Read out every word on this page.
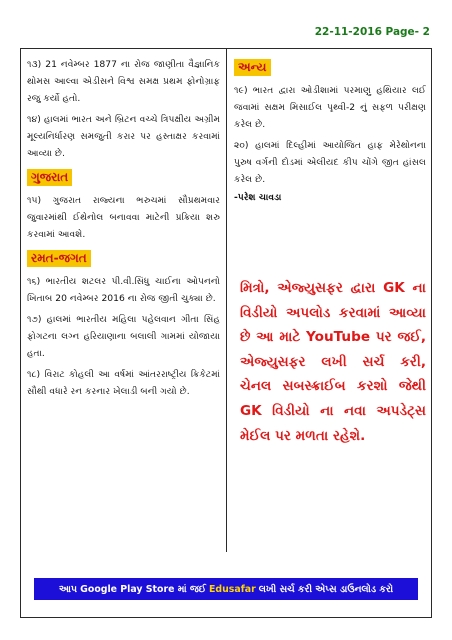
22-11-2016 Page- 2

૧૩) 21 નવેમ્બર 1877 ના રોજ જાણીતા વૈજ્ઞાનિક થોમસ આલ્વા એડીસને વિશ્વ સમક્ષ પ્રથમ ફોનોગ્રાફ રજુ કર્યો હતો.

૧૪) હાલમાં ભારત અને બ્રિટન વચ્ચે ત્રિપક્ષીય અગ્રીમ મૂલ્યનિર્ધારણ સમજુતી કરાર પર હસ્તાક્ષર કરવામાં આવ્યા છે.

ગુજરાત

૧૫) ગુજરાત રાજ્યના ભરુચમાં સૌપ્રથમવાર જુવારમાંથી ઈથેનોલ બનાવવા માટેની પ્રક્રિયા શરુ કરવામાં આવશે.

રમત-જગત

૧૬) ભારતીય શટલર પી.વી.સિંધુ ચાઈના ઓપનનો ખિતાબ 20 નવેમ્બર 2016 ના રોજ જીતી ચુક્યા છે.

૧૭) હાલમાં ભારતીય મહિલા પહેલવાન ગીતા સિંહ ફોગટના લગ્ન હરિયાણાના બલાલી ગામમાં યોજાયા હતા.

૧૮) વિરાટ કોહલી આ વર્ષમાં આંતરરાષ્ટ્રીય ક્રિકેટમાં સૌથી વધારે રન કરનાર ખેલાડી બની ગયો છે.

અન્ય

૧૯) ભારત દ્વારા ઓડીશામાં પરમાણુ હથિયાર લઈ જવામાં સક્ષમ મિસાઈલ પૃથ્વી-2 નું સફળ પરીક્ષણ કરેલ છે.

૨૦) હાલમાં દિલ્હીમાં આયોજિત હાફ મેરેથોનના પુરુષ વર્ગની દોડમાં એલીયદ કીપ ચોંગે જીત હાંસલ કરેલ છે.

-પરેશ ચાવડા
મિત્રો, એજ્યુસફર દ્વારા GK ના વિડીયો અપલોડ કરવામાં આવ્યા છે આ માટે YouTube પર જઈ, એજ્યુસફર લખી સર્ચ કરી, ચેનલ સબસ્ક્રાઈબ કરશો જેથી GK વિડીયો ના નવા અપડેટ્સ મેઈલ પર મળતા રહેશે.
આપ Google Play Store માં જઈ Edusafar લખી સર્ચ કરી એપ્સ ડાઉનલોડ કરો
